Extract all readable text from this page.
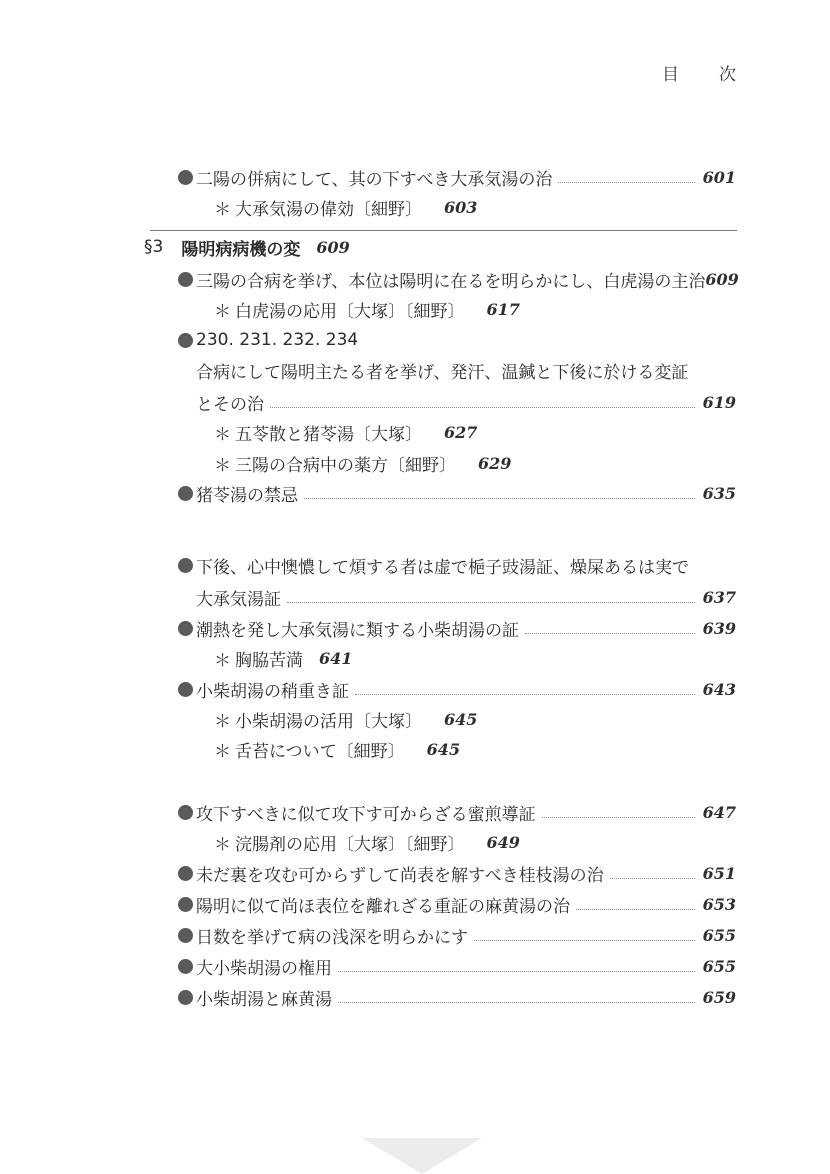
目次
二陽の併病にして、其の下すべき大承気湯の治	601
＊ 大承気湯の偉効〔細野〕 603
§3 陽明病病機の変 609
三陽の合病を挙げ、本位は陽明に在るを明らかにし、白虎湯の主治 609
＊ 白虎湯の応用〔大塚〕〔細野〕 617
230. 231. 232. 234
合病にして陽明主たる者を挙げ、発汗、温鍼と下後に於ける変証
とその治	619
＊ 五苓散と猪苓湯〔大塚〕 627
＊ 三陽の合病中の薬方〔細野〕 629
猪苓湯の禁忌	635
下後、心中懊憹して煩する者は虚で梔子豉湯証、燥屎あるは実で
大承気湯証	637
潮熱を発し大承気湯に類する小柴胡湯の証	639
＊ 胸脇苦満 641
小柴胡湯の稍重き証	643
＊ 小柴胡湯の活用〔大塚〕 645
＊ 舌苔について〔細野〕 645
攻下すべきに似て攻下す可からざる蜜煎導証	647
＊ 浣腸剤の応用〔大塚〕〔細野〕 649
未だ裏を攻む可からずして尚表を解すべき桂枝湯の治	651
陽明に似て尚ほ表位を離れざる重証の麻黄湯の治	653
日数を挙げて病の浅深を明らかにす	655
大小柴胡湯の権用	655
小柴胡湯と麻黄湯	659
